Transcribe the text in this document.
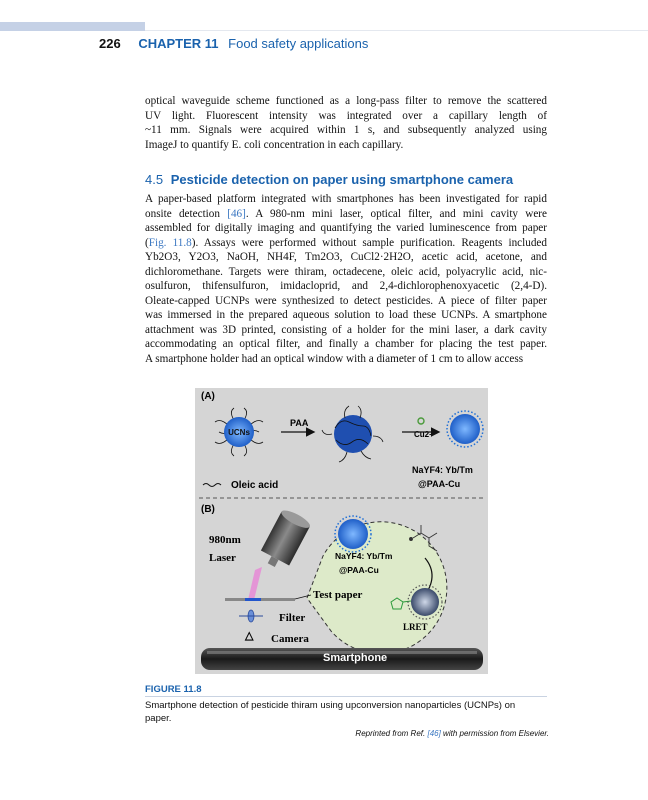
226 CHAPTER 11 Food safety applications
optical waveguide scheme functioned as a long-pass filter to remove the scattered
UV light. Fluorescent intensity was integrated over a capillary length of
~11 mm. Signals were acquired within 1 s, and subsequently analyzed using
ImageJ to quantify E. coli concentration in each capillary.
4.5 Pesticide detection on paper using smartphone camera
A paper-based platform integrated with smartphones has been investigated for rapid
onsite detection [46]. A 980-nm mini laser, optical filter, and mini cavity were
assembled for digitally imaging and quantifying the varied luminescence from paper
(Fig. 11.8). Assays were performed without sample purification. Reagents included
Yb2O3, Y2O3, NaOH, NH4F, Tm2O3, CuCl2·2H2O, acetic acid, acetone, and
dichloromethane. Targets were thiram, octadecene, oleic acid, polyacrylic acid, nic-
osulfuron, thifensulfuron, imidacloprid, and 2,4-dichlorophenoxyacetic (2,4-D).
Oleate-capped UCNPs were synthesized to detect pesticides. A piece of filter paper
was immersed in the prepared aqueous solution to load these UCNPs. A smartphone
attachment was 3D printed, consisting of a holder for the mini laser, a dark cavity
accommodating an optical filter, and finally a chamber for placing the test paper.
A smartphone holder had an optical window with a diameter of 1 cm to allow access
(A)
UCNs
PAA
Cu2+
NaYF4: Yb/Tm
@PAA-Cu
Oleic acid
(B)
980nm
Laser
Filter
△ Camera
NaYF4: Yb/Tm
@PAA-Cu
Test paper
LRET
Smartphone
FIGURE 11.8
Smartphone detection of pesticide thiram using upconversion nanoparticles (UCNPs) on paper.
Reprinted from Ref. [46] with permission from Elsevier.
